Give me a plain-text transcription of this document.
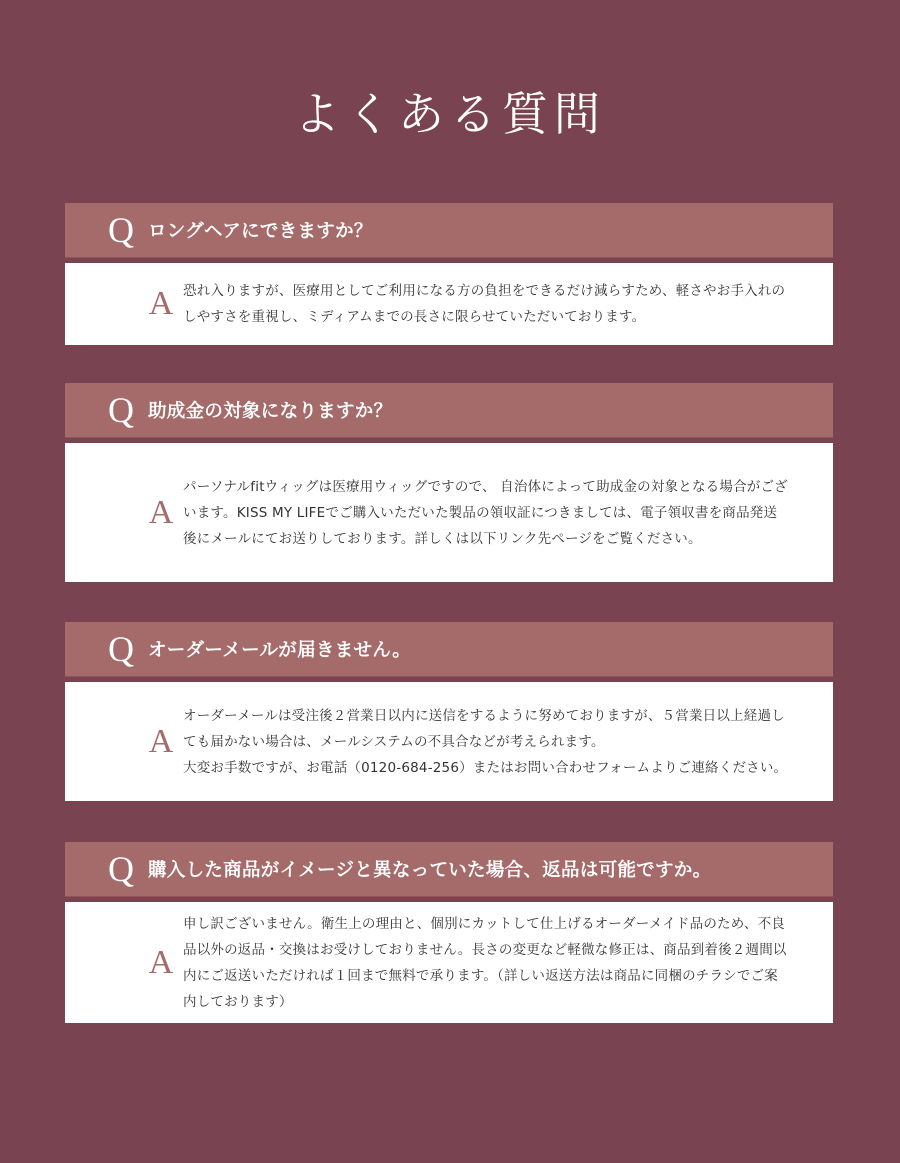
よくある質問
Q ロングヘアにできますか？
A 恐れ入りますが、医療用としてご利用になる方の負担をできるだけ減らすため、軽さやお手入れのしやすさを重視し、ミディアムまでの長さに限らせていただいております。

Q 助成金の対象になりますか？
A

パーソナルfitウィッグは医療用ウィッグですので、 自治体によって助成金の対象となる場合がございます。KISS MY LIFEでご購入いただいた製品の領収証につきましては、電子領収書を商品発送後にメールにてお送りしております。詳しくは以下リンク先ページをご覧ください。

Q オーダーメールが届きません。
A

オーダーメールは受注後２営業日以内に送信をするように努めておりますが、５営業日以上経過しても届かない場合は、メールシステムの不具合などが考えられます。

大変お手数ですが、お電話（0120-684-256）またはお問い合わせフォームよりご連絡ください。

Q 購入した商品がイメージと異なっていた場合、返品は可能ですか。
A

申し訳ございません。衛生上の理由と、個別にカットして仕上げるオーダーメイド品のため、不良品以外の返品・交換はお受けしておりません。長さの変更など軽微な修正は、商品到着後２週間以内にご返送いただければ１回まで無料で承ります。（詳しい返送方法は商品に同梱のチラシでご案内しております）
